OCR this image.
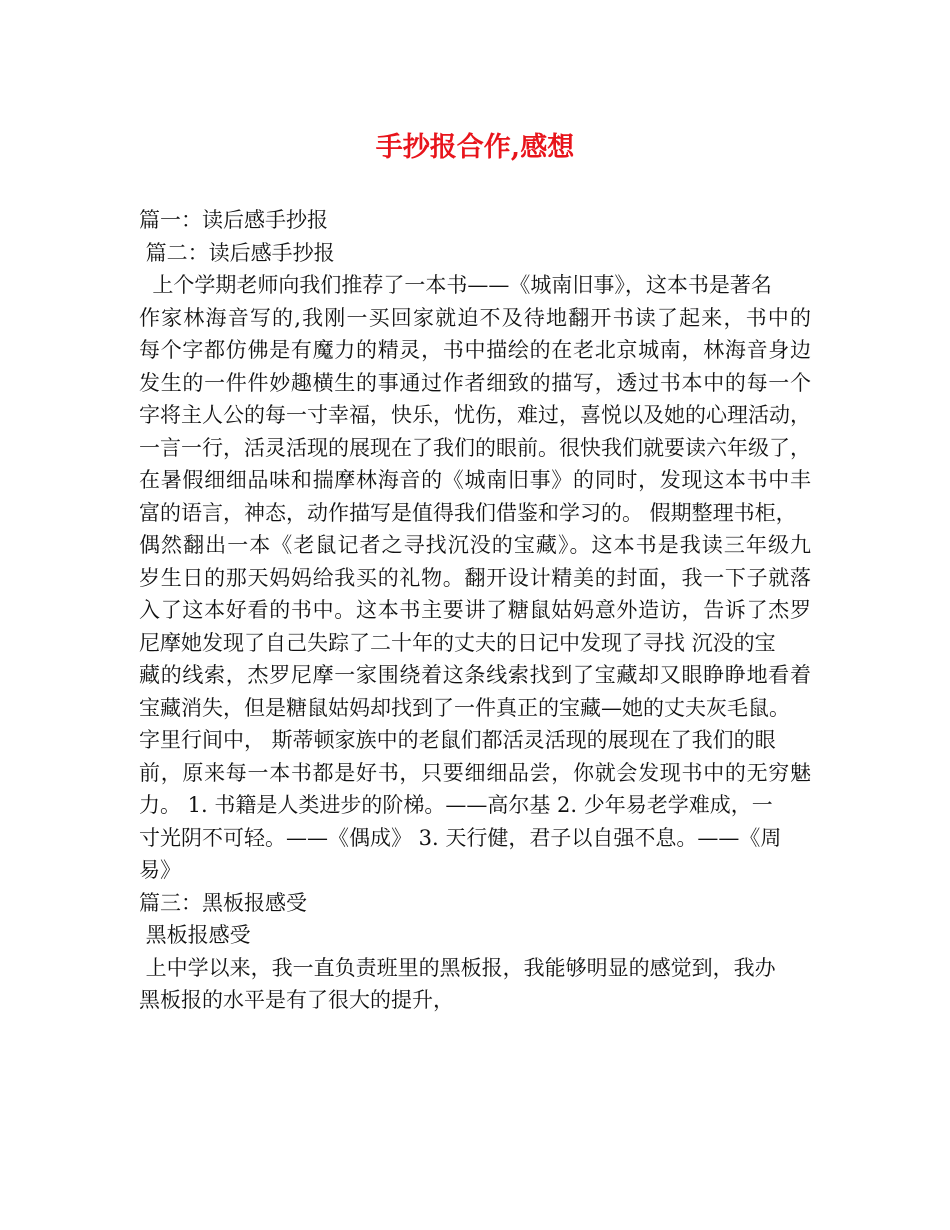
手抄报合作,感想
篇一：读后感手抄报
篇二：读后感手抄报
上个学期老师向我们推荐了一本书——《城南旧事》，这本书是著名
作家林海音写的,我刚一买回家就迫不及待地翻开书读了起来，书中的
每个字都仿佛是有魔力的精灵，书中描绘的在老北京城南，林海音身边
发生的一件件妙趣横生的事通过作者细致的描写，透过书本中的每一个
字将主人公的每一寸幸福，快乐，忧伤，难过，喜悦以及她的心理活动，
一言一行，活灵活现的展现在了我们的眼前。很快我们就要读六年级了，
在暑假细细品味和揣摩林海音的《城南旧事》的同时，发现这本书中丰
富的语言，神态，动作描写是值得我们借鉴和学习的。 假期整理书柜，
偶然翻出一本《老鼠记者之寻找沉没的宝藏》。这本书是我读三年级九
岁生日的那天妈妈给我买的礼物。翻开设计精美的封面，我一下子就落
入了这本好看的书中。这本书主要讲了糖鼠姑妈意外造访，告诉了杰罗
尼摩她发现了自己失踪了二十年的丈夫的日记中发现了寻找 沉没的宝
藏的线索，杰罗尼摩一家围绕着这条线索找到了宝藏却又眼睁睁地看着
宝藏消失，但是糖鼠姑妈却找到了一件真正的宝藏—她的丈夫灰毛鼠。
字里行间中， 斯蒂顿家族中的老鼠们都活灵活现的展现在了我们的眼
前，原来每一本书都是好书，只要细细品尝，你就会发现书中的无穷魅
力。 1. 书籍是人类进步的阶梯。——高尔基 2. 少年易老学难成，一
寸光阴不可轻。——《偶成》 3. 天行健，君子以自强不息。——《周
易》
篇三：黑板报感受
黑板报感受
上中学以来，我一直负责班里的黑板报，我能够明显的感觉到，我办
黑板报的水平是有了很大的提升，
